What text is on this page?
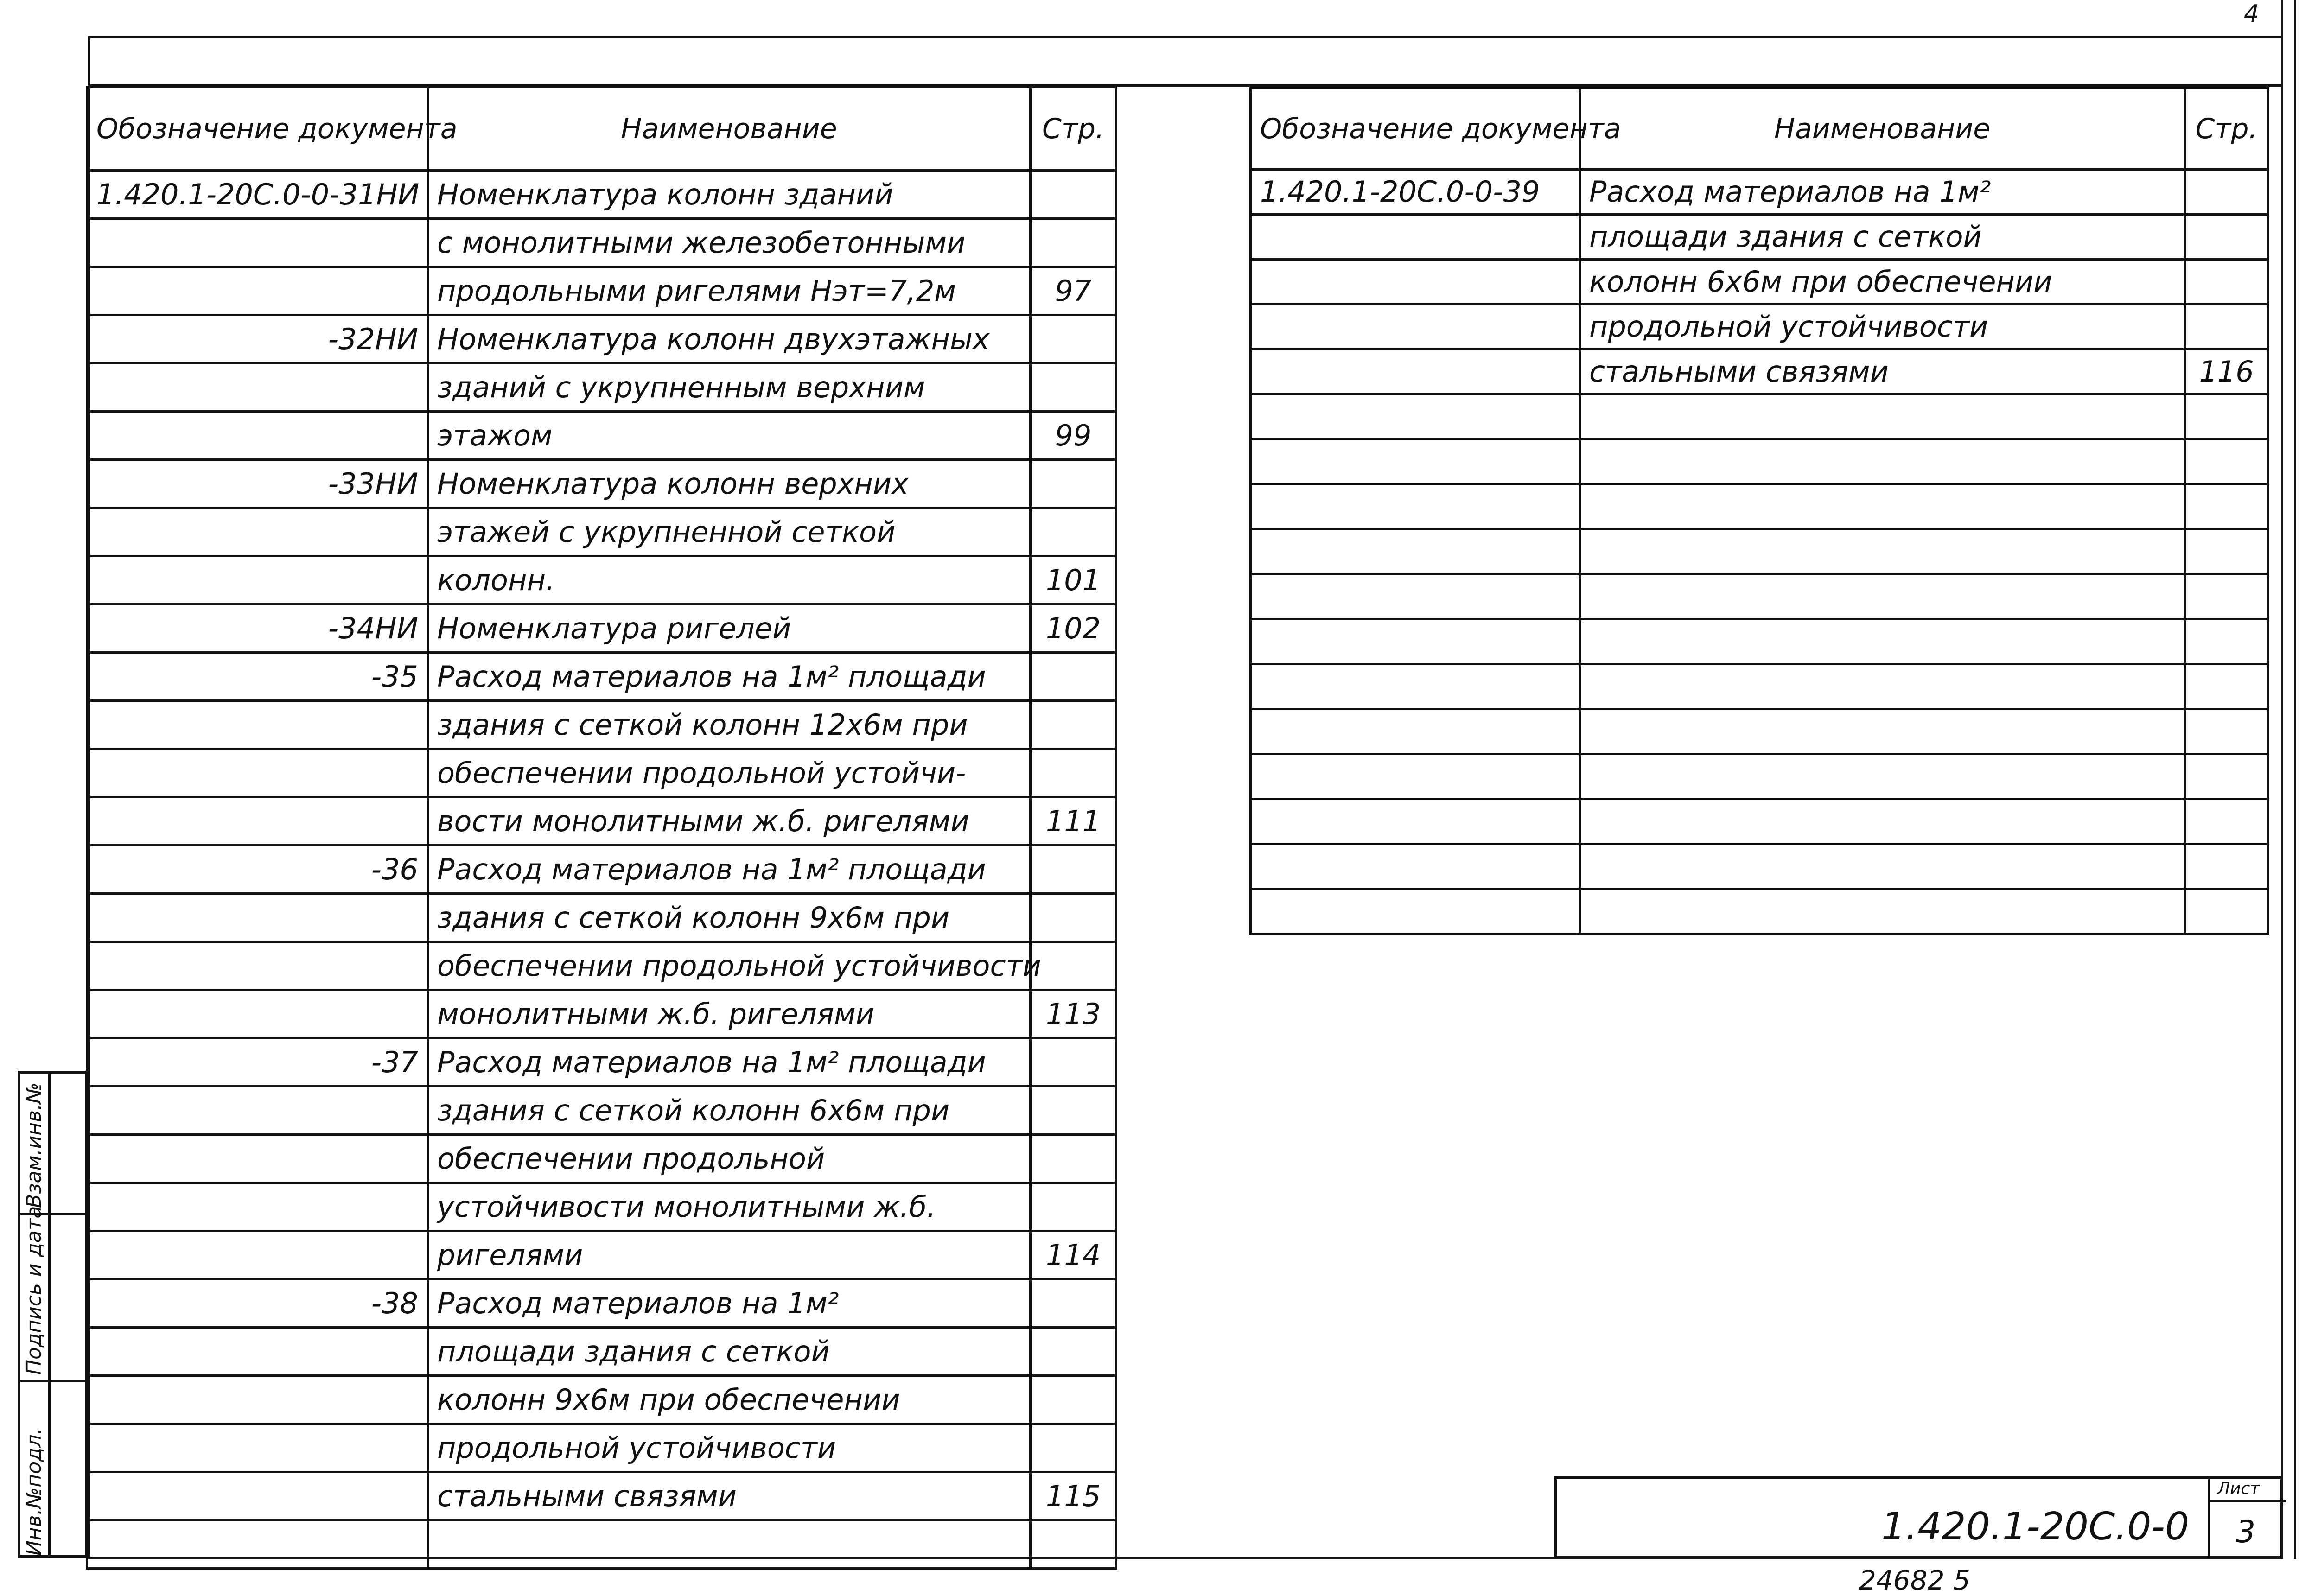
4
Обозначение документа	Наименование	Стр.
1.420.1-20С.0-0-31НИ	Номенклатура колонн зданий	
	с монолитными железобетонными	
	продольными ригелями Нэт=7,2м	97
-32НИ	Номенклатура колонн двухэтажных	
	зданий с укрупненным верхним	
	этажом	99
-33НИ	Номенклатура колонн верхних	
	этажей с укрупненной сеткой	
	колонн.	101
-34НИ	Номенклатура ригелей	102
-35	Расход материалов на 1м² площади	
	здания с сеткой колонн 12х6м при	
	обеспечении продольной устойчи-	
	вости монолитными ж.б. ригелями	111
-36	Расход материалов на 1м² площади	
	здания с сеткой колонн 9х6м при	
	обеспечении продольной устойчивости	
	монолитными ж.б. ригелями	113
-37	Расход материалов на 1м² площади	
	здания с сеткой колонн 6х6м при	
	обеспечении продольной	
	устойчивости монолитными ж.б.	
	ригелями	114
-38	Расход материалов на 1м²	
	площади здания с сеткой	
	колонн 9х6м при обеспечении	
	продольной устойчивости	
	стальными связями	115

Обозначение документа	Наименование	Стр.
1.420.1-20С.0-0-39	Расход материалов на 1м²	
	площади здания с сеткой	
	колонн 6х6м при обеспечении	
	продольной устойчивости	
	стальными связями	116

Инв.№подл.
Подпись и дата
Взам.инв.№
1.420.1-20С.0-0
Лист
3
24682 5
